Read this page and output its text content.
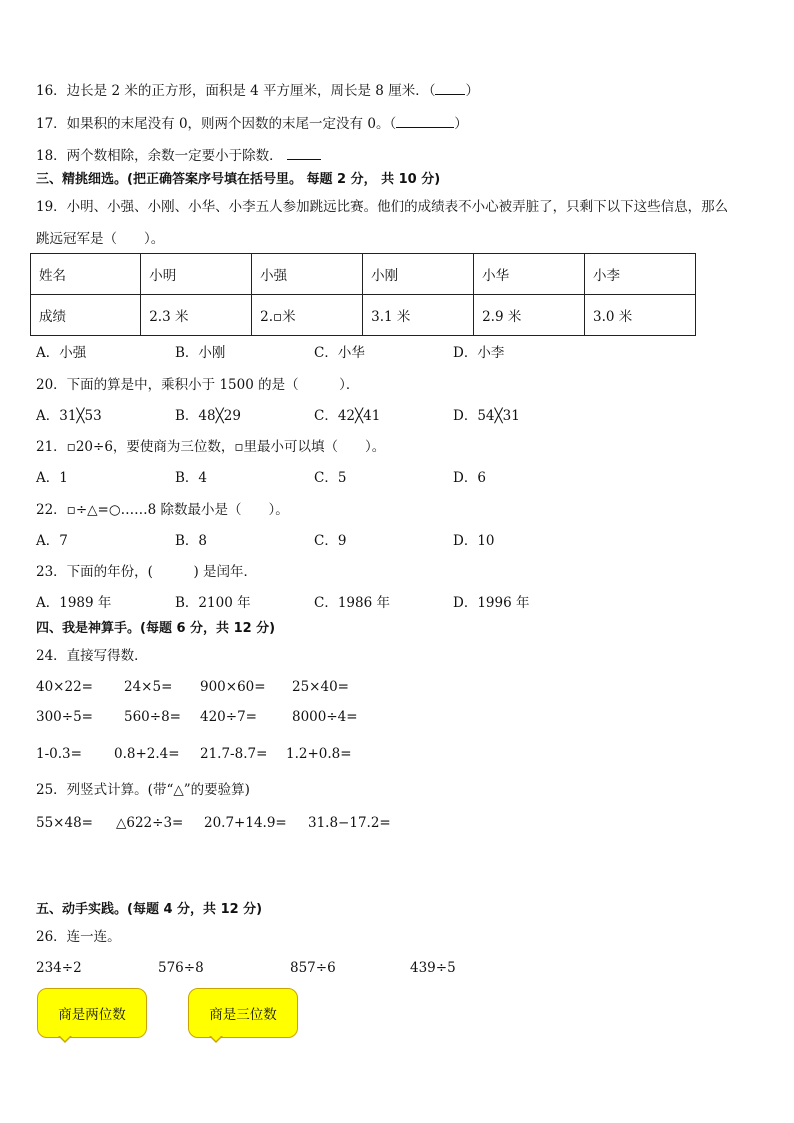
16．边长是 2 米的正方形，面积是 4 平方厘米，周长是 8 厘米．（ ）
17．如果积的末尾没有 0，则两个因数的末尾一定没有 0。（	）
18．两个数相除，余数一定要小于除数．
三、精挑细选。(把正确答案序号填在括号里。 每题 2 分， 共 10 分)
19．小明、小强、小刚、小华、小李五人参加跳远比赛。他们的成绩表不小心被弄脏了，只剩下以下这些信息，那么
跳远冠军是（　　）。
姓名	小明	小强	小刚	小华	小李
成绩	2.3 米	2.▫米	3.1 米	2.9 米	3.0 米
A．小强	B．小刚	C．小华	D．小李
20．下面的算是中，乘积小于 1500 的是（　　　）．
A．31╳53	B．48╳29	C．42╳41	D．54╳31
21．▫20÷6，要使商为三位数，▫里最小可以填（　　）。
A．1	B．4	C．5	D．6
22．▫÷△=○……8 除数最小是（　　）。
A．7	B．8	C．9	D．10
23．下面的年份，(　　　) 是闰年．
A．1989 年	B．2100 年	C．1986 年	D．1996 年
四、我是神算手。(每题 6 分，共 12 分)
24．直接写得数．
40×22= 24×5= 900×60= 25×40=
300÷5= 560÷8= 420÷7=	8000÷4=
1-0.3= 0.8+2.4= 21.7-8.7= 1.2+0.8=
25．列竖式计算。(带“△”的要验算)
55×48= △622÷3= 20.7+14.9= 31.8−17.2=
五、动手实践。(每题 4 分，共 12 分)
26．连一连。
234÷2	576÷8	857÷6	439÷5
商是两位数	商是三位数
